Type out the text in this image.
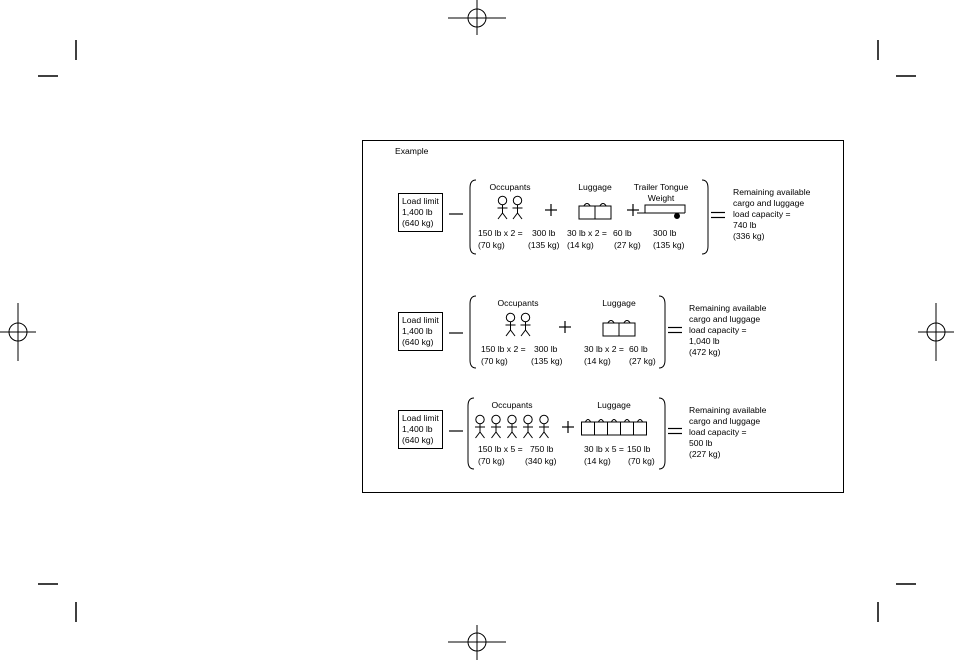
Example
Load limit
1,400 lb
(640 kg)
Occupants
150 lb x 2 = 300 lb
(70 kg)	(135 kg)
Luggage
30 lb x 2 = 60 lb
(14 kg) (27 kg)
Trailer Tongue
Weight
300 lb
(135 kg)
Remaining available
cargo and luggage
load capacity =
740 lb
(336 kg)
Load limit
1,400 lb
(640 kg)
Occupants
150 lb x 2 = 300 lb
(70 kg)	(135 kg)
Luggage
30 lb x 2 = 60 lb
(14 kg) (27 kg)
Remaining available
cargo and luggage
load capacity =
1,040 lb
(472 kg)
Load limit
1,400 lb
(640 kg)
Occupants
150 lb x 5 = 750 lb
(70 kg) (340 kg)
Luggage
30 lb x 5 = 150 lb
(14 kg) (70 kg)
Remaining available
cargo and luggage
load capacity =
500 lb
(227 kg)
